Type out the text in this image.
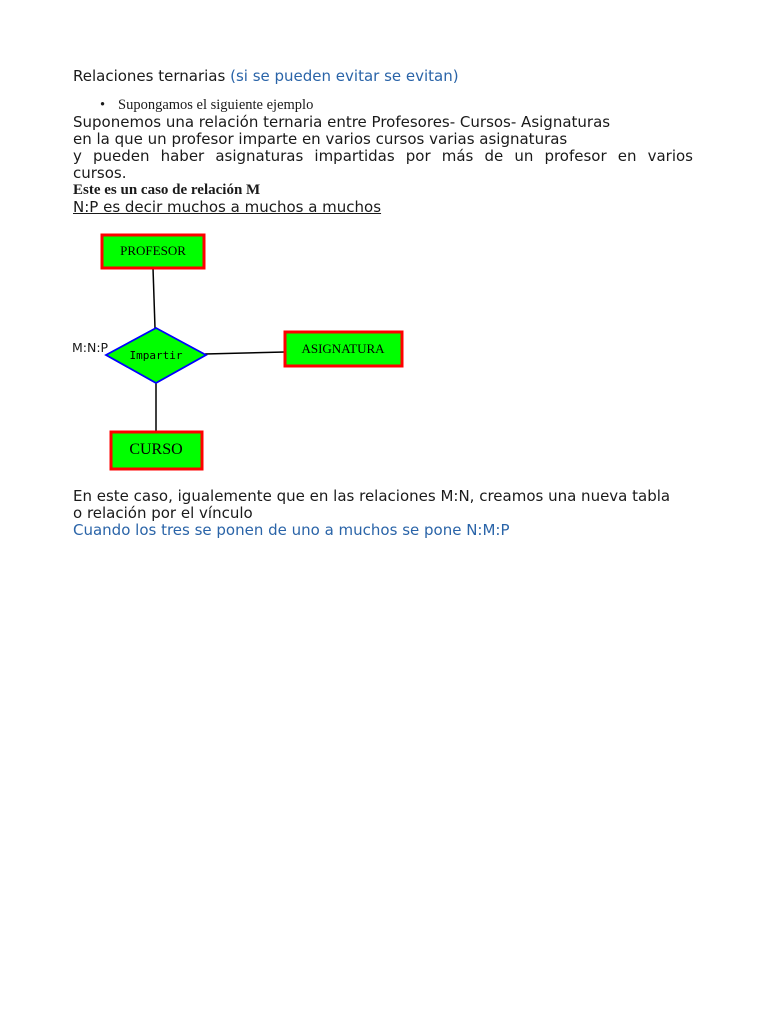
Relaciones ternarias (si se pueden evitar se evitan)
• Supongamos el siguiente ejemplo
Suponemos una relación ternaria entre Profesores- Cursos- Asignaturas
en la que un profesor imparte en varios cursos varias asignaturas
y pueden haber asignaturas impartidas por más de un profesor en varios
cursos.
Este es un caso de relación M
N:P es decir muchos a muchos a muchos
PROFESOR
Impartir	ASIGNATURA
CURSO
M:N:P
En este caso, igualemente que en las relaciones M:N, creamos una nueva tabla
o relación por el vínculo
Cuando los tres se ponen de uno a muchos se pone N:M:P
